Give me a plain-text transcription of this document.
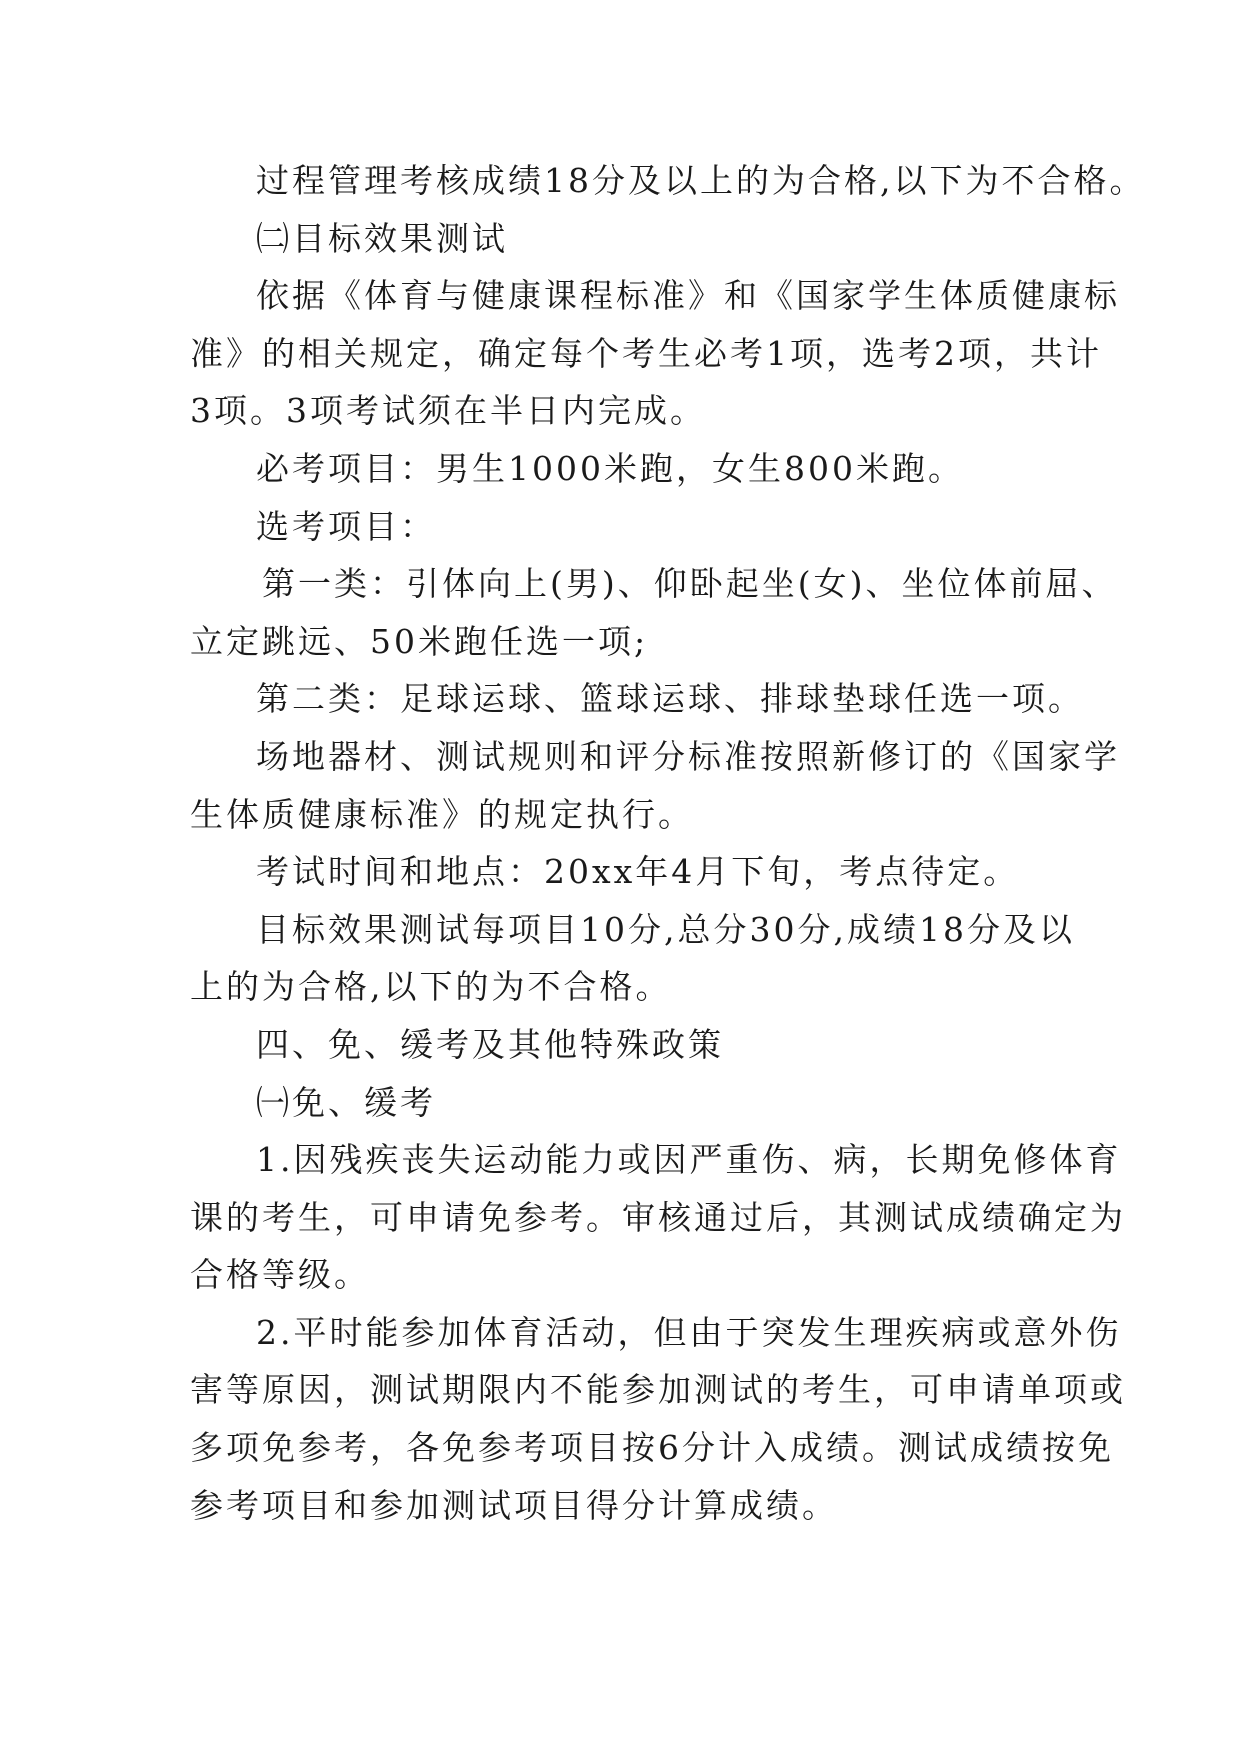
过程管理考核成绩18分及以上的为合格,以下为不合格。

㈡目标效果测试

依据《体育与健康课程标准》和《国家学生体质健康标

准》的相关规定，确定每个考生必考1项，选考2项，共计

3项。3项考试须在半日内完成。

必考项目：男生1000米跑，女生800米跑。

选考项目：

第一类：引体向上(男)、仰卧起坐(女)、坐位体前屈、

立定跳远、50米跑任选一项;

第二类：足球运球、篮球运球、排球垫球任选一项。

场地器材、测试规则和评分标准按照新修订的《国家学

生体质健康标准》的规定执行。

考试时间和地点：20xx年4月下旬，考点待定。

目标效果测试每项目10分,总分30分,成绩18分及以

上的为合格,以下的为不合格。

四、免、缓考及其他特殊政策

㈠免、缓考

1.因残疾丧失运动能力或因严重伤、病，长期免修体育

课的考生，可申请免参考。审核通过后，其测试成绩确定为

合格等级。

2.平时能参加体育活动，但由于突发生理疾病或意外伤

害等原因，测试期限内不能参加测试的考生，可申请单项或

多项免参考，各免参考项目按6分计入成绩。测试成绩按免

参考项目和参加测试项目得分计算成绩。
